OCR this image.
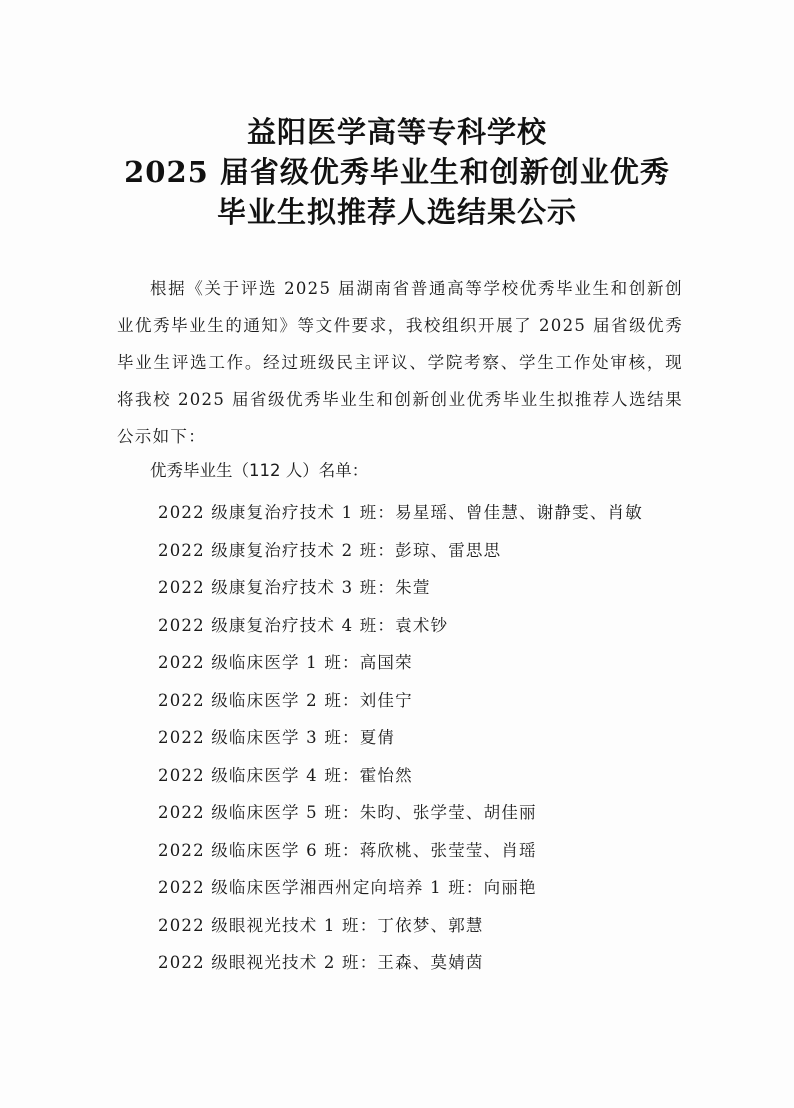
益阳医学高等专科学校
2025 届省级优秀毕业生和创新创业优秀
毕业生拟推荐人选结果公示

根据《关于评选 2025 届湖南省普通高等学校优秀毕业生和创新创业优秀毕业生的通知》等文件要求，我校组织开展了 2025 届省级优秀毕业生评选工作。经过班级民主评议、学院考察、学生工作处审核，现将我校 2025 届省级优秀毕业生和创新创业优秀毕业生拟推荐人选结果公示如下：

优秀毕业生（112 人）名单：
2022 级康复治疗技术 1 班：易星瑶、曾佳慧、谢静雯、肖敏
2022 级康复治疗技术 2 班：彭琼、雷思思
2022 级康复治疗技术 3 班：朱萱
2022 级康复治疗技术 4 班：袁术钞
2022 级临床医学 1 班：高国荣
2022 级临床医学 2 班：刘佳宁
2022 级临床医学 3 班：夏倩
2022 级临床医学 4 班：霍怡然
2022 级临床医学 5 班：朱昀、张学莹、胡佳丽
2022 级临床医学 6 班：蒋欣桃、张莹莹、肖瑶
2022 级临床医学湘西州定向培养 1 班：向丽艳
2022 级眼视光技术 1 班：丁依梦、郭慧
2022 级眼视光技术 2 班：王森、莫婧茵
